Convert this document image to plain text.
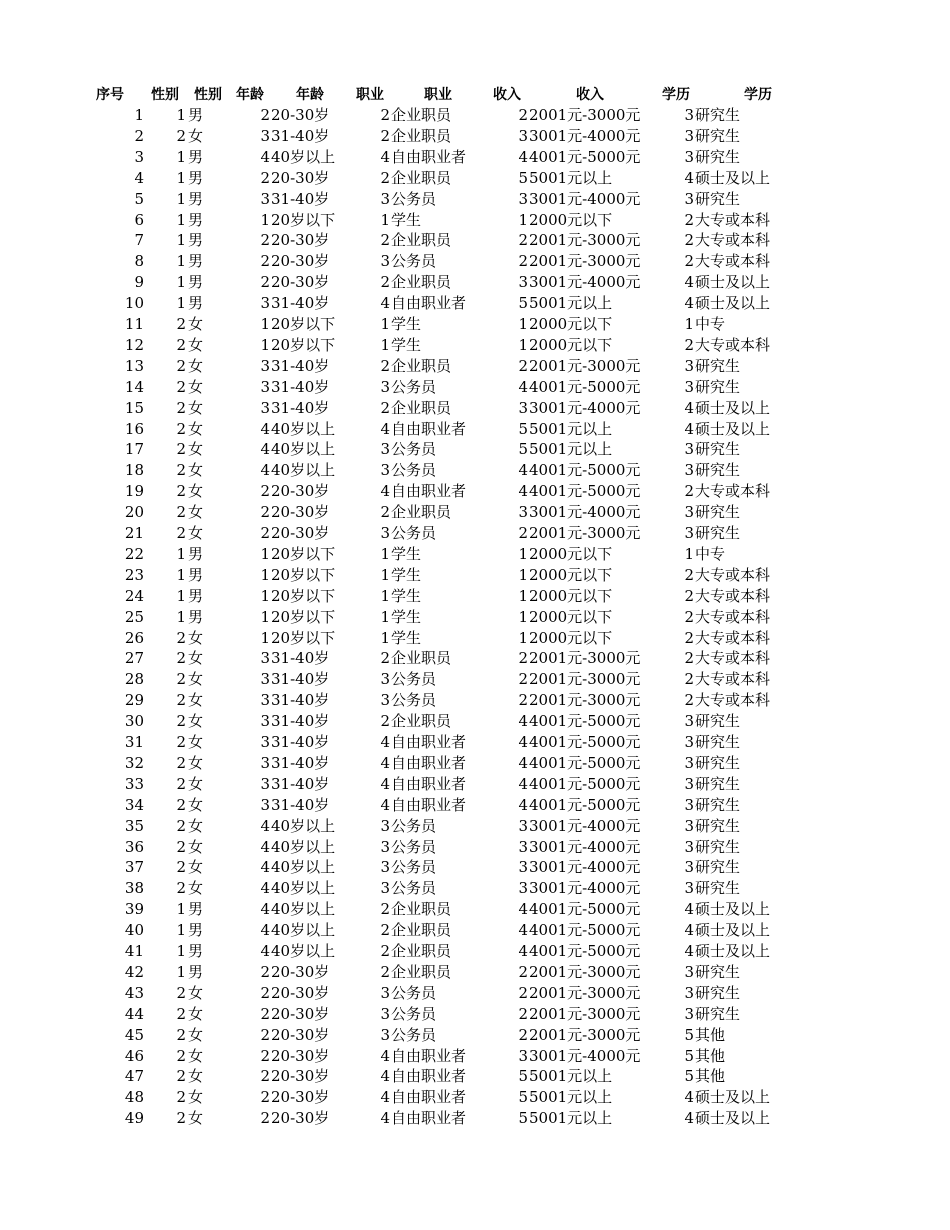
序号 性别 性别 年龄 年龄 职业	职业	收入	收入	学历	学历
1	1 男	2 20-30岁	2 企业职员	2 2001元-3000元	3 研究生
2	2 女	3 31-40岁	2 企业职员	3 3001元-4000元	3 研究生
3	1 男	4 40岁以上	4 自由职业者	4 4001元-5000元	3 研究生
4	1 男	2 20-30岁	2 企业职员	5 5001元以上	4 硕士及以上
5	1 男	3 31-40岁	3 公务员	3 3001元-4000元	3 研究生
6	1 男	1 20岁以下	1 学生	1 2000元以下	2 大专或本科
7	1 男	2 20-30岁	2 企业职员	2 2001元-3000元	2 大专或本科
8	1 男	2 20-30岁	3 公务员	2 2001元-3000元	2 大专或本科
9	1 男	2 20-30岁	2 企业职员	3 3001元-4000元	4 硕士及以上
10	1 男	3 31-40岁	4 自由职业者	5 5001元以上	4 硕士及以上
11	2 女	1 20岁以下	1 学生	1 2000元以下	1 中专
12	2 女	1 20岁以下	1 学生	1 2000元以下	2 大专或本科
13	2 女	3 31-40岁	2 企业职员	2 2001元-3000元	3 研究生
14	2 女	3 31-40岁	3 公务员	4 4001元-5000元	3 研究生
15	2 女	3 31-40岁	2 企业职员	3 3001元-4000元	4 硕士及以上
16	2 女	4 40岁以上	4 自由职业者	5 5001元以上	4 硕士及以上
17	2 女	4 40岁以上	3 公务员	5 5001元以上	3 研究生
18	2 女	4 40岁以上	3 公务员	4 4001元-5000元	3 研究生
19	2 女	2 20-30岁	4 自由职业者	4 4001元-5000元	2 大专或本科
20	2 女	2 20-30岁	2 企业职员	3 3001元-4000元	3 研究生
21	2 女	2 20-30岁	3 公务员	2 2001元-3000元	3 研究生
22	1 男	1 20岁以下	1 学生	1 2000元以下	1 中专
23	1 男	1 20岁以下	1 学生	1 2000元以下	2 大专或本科
24	1 男	1 20岁以下	1 学生	1 2000元以下	2 大专或本科
25	1 男	1 20岁以下	1 学生	1 2000元以下	2 大专或本科
26	2 女	1 20岁以下	1 学生	1 2000元以下	2 大专或本科
27	2 女	3 31-40岁	2 企业职员	2 2001元-3000元	2 大专或本科
28	2 女	3 31-40岁	3 公务员	2 2001元-3000元	2 大专或本科
29	2 女	3 31-40岁	3 公务员	2 2001元-3000元	2 大专或本科
30	2 女	3 31-40岁	2 企业职员	4 4001元-5000元	3 研究生
31	2 女	3 31-40岁	4 自由职业者	4 4001元-5000元	3 研究生
32	2 女	3 31-40岁	4 自由职业者	4 4001元-5000元	3 研究生
33	2 女	3 31-40岁	4 自由职业者	4 4001元-5000元	3 研究生
34	2 女	3 31-40岁	4 自由职业者	4 4001元-5000元	3 研究生
35	2 女	4 40岁以上	3 公务员	3 3001元-4000元	3 研究生
36	2 女	4 40岁以上	3 公务员	3 3001元-4000元	3 研究生
37	2 女	4 40岁以上	3 公务员	3 3001元-4000元	3 研究生
38	2 女	4 40岁以上	3 公务员	3 3001元-4000元	3 研究生
39	1 男	4 40岁以上	2 企业职员	4 4001元-5000元	4 硕士及以上
40	1 男	4 40岁以上	2 企业职员	4 4001元-5000元	4 硕士及以上
41	1 男	4 40岁以上	2 企业职员	4 4001元-5000元	4 硕士及以上
42	1 男	2 20-30岁	2 企业职员	2 2001元-3000元	3 研究生
43	2 女	2 20-30岁	3 公务员	2 2001元-3000元	3 研究生
44	2 女	2 20-30岁	3 公务员	2 2001元-3000元	3 研究生
45	2 女	2 20-30岁	3 公务员	2 2001元-3000元	5 其他
46	2 女	2 20-30岁	4 自由职业者	3 3001元-4000元	5 其他
47	2 女	2 20-30岁	4 自由职业者	5 5001元以上	5 其他
48	2 女	2 20-30岁	4 自由职业者	5 5001元以上	4 硕士及以上
49	2 女	2 20-30岁	4 自由职业者	5 5001元以上	4 硕士及以上
